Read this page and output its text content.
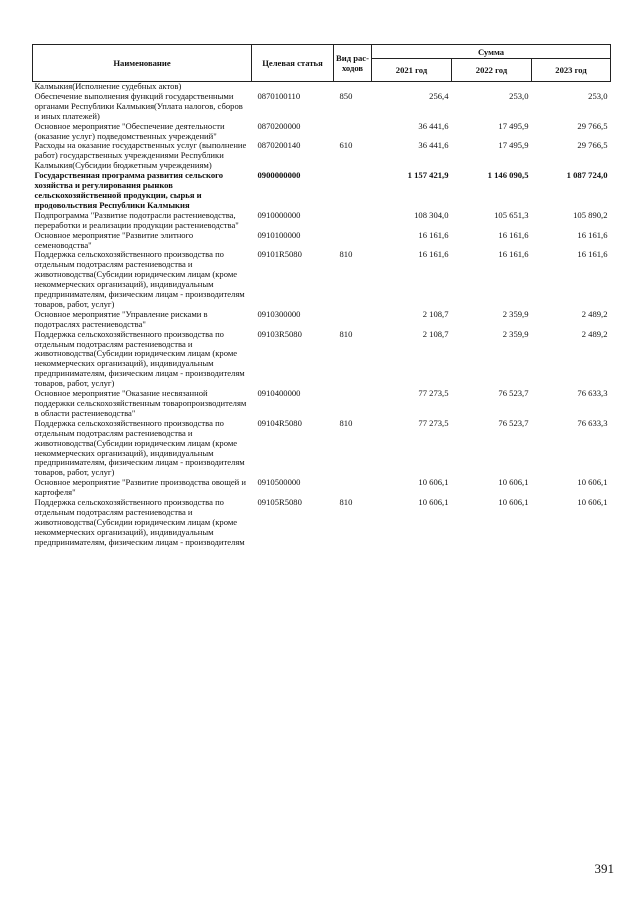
Наименование	Целевая статья	Вид рас-ходов	Сумма		
			2021 год	2022 год	2023 год
Калмыкия(Исполнение судебных актов)					
Обеспечение выполнения функций государственными органами Республики Калмыкия(Уплата налогов, сборов и иных платежей)	0870100110	850	256,4	253,0	253,0
Основное мероприятие "Обеспечение деятельности (оказание услуг) подведомственных учреждений"	0870200000		36 441,6	17 495,9	29 766,5
Расходы на оказание государственных услуг (выполнение работ) государственных учреждениями Республики Калмыкия(Субсидии бюджетным учреждениям)	0870200140	610	36 441,6	17 495,9	29 766,5
Государственная программа развития сельского хозяйства и регулирования рынков сельскохозяйственной продукции, сырья и продовольствия Республики Калмыкия	0900000000		1 157 421,9	1 146 090,5	1 087 724,0
Подпрограмма "Развитие подотрасли растениеводства, переработки и реализации продукции растениеводства"	0910000000		108 304,0	105 651,3	105 890,2
Основное мероприятие "Развитие элитного семеноводства"	0910100000		16 161,6	16 161,6	16 161,6
Поддержка сельскохозяйственного производства по отдельным подотраслям растениеводства и животноводства(Субсидии юридическим лицам (кроме некоммерческих организаций), индивидуальным предпринимателям, физическим лицам - производителям товаров, работ, услуг)	09101R5080	810	16 161,6	16 161,6	16 161,6
Основное мероприятие "Управление рисками в подотраслях растениеводства"	0910300000		2 108,7	2 359,9	2 489,2
Поддержка сельскохозяйственного производства по отдельным подотраслям растениеводства и животноводства(Субсидии юридическим лицам (кроме некоммерческих организаций), индивидуальным предпринимателям, физическим лицам - производителям товаров, работ, услуг)	09103R5080	810	2 108,7	2 359,9	2 489,2
Основное мероприятие "Оказание несвязанной поддержки сельскохозяйственным товаропроизводителям в области растениеводства"	0910400000		77 273,5	76 523,7	76 633,3
Поддержка сельскохозяйственного производства по отдельным подотраслям растениеводства и животноводства(Субсидии юридическим лицам (кроме некоммерческих организаций), индивидуальным предпринимателям, физическим лицам - производителям товаров, работ, услуг)	09104R5080	810	77 273,5	76 523,7	76 633,3
Основное мероприятие "Развитие производства овощей и картофеля"	0910500000		10 606,1	10 606,1	10 606,1
Поддержка сельскохозяйственного производства по отдельным подотраслям растениеводства и животноводства(Субсидии юридическим лицам (кроме некоммерческих организаций), индивидуальным предпринимателям, физическим лицам - производителям	09105R5080	810	10 606,1	10 606,1	10 606,1
391
